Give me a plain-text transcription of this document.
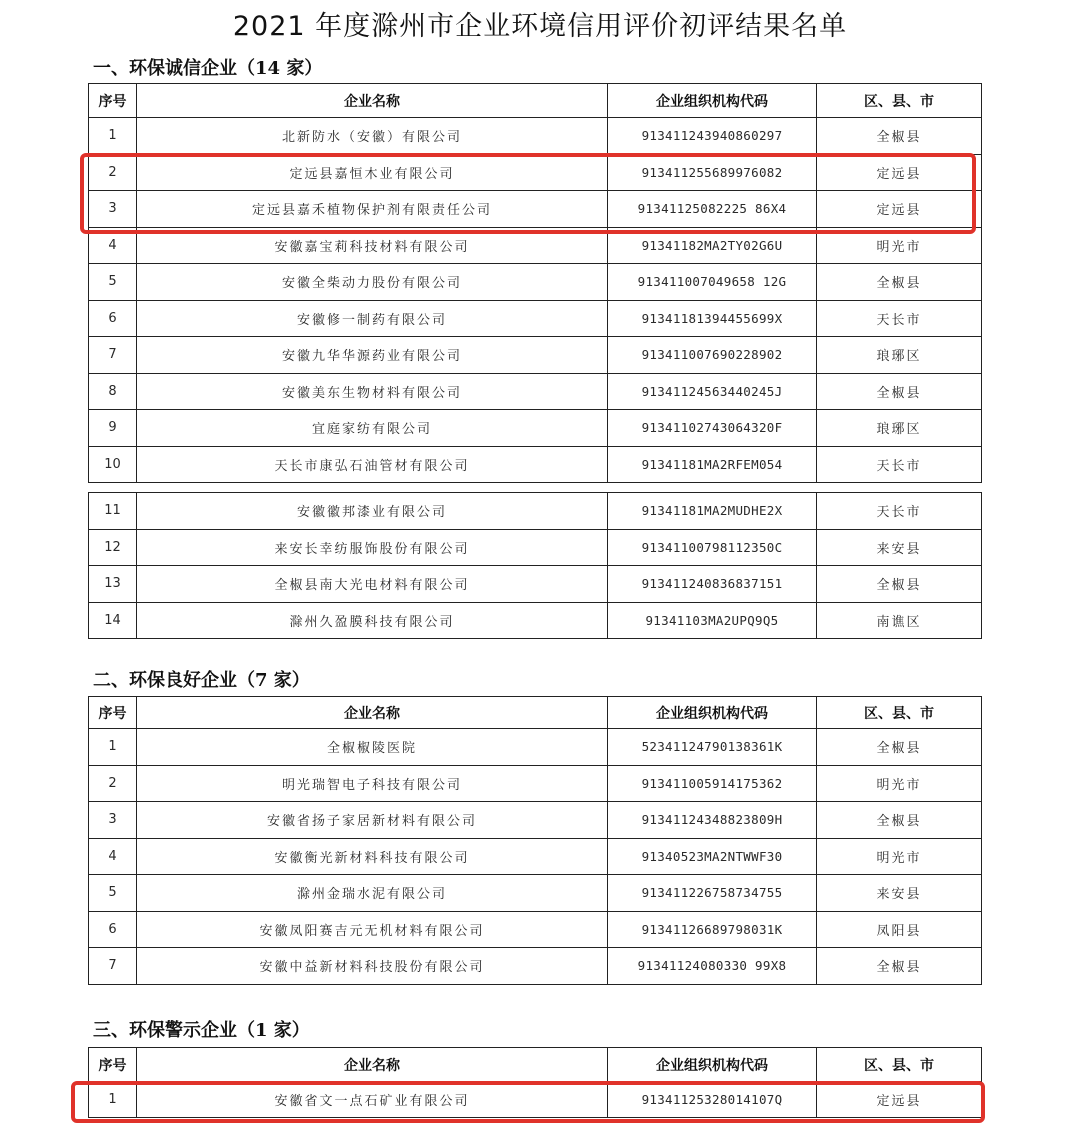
2021 年度滁州市企业环境信用评价初评结果名单
一、环保诚信企业（14 家）
序号	企业名称	企业组织机构代码	区、县、市
1	北新防水（安徽）有限公司	913411243940860297	全椒县
2	定远县嘉恒木业有限公司	913411255689976082	定远县
3	定远县嘉禾植物保护剂有限责任公司	91341125082225 86X4	定远县
4	安徽嘉宝莉科技材料有限公司	91341182MA2TY02G6U	明光市
5	安徽全柴动力股份有限公司	913411007049658 12G	全椒县
6	安徽修一制药有限公司	91341181394455699X	天长市
7	安徽九华华源药业有限公司	913411007690228902	琅琊区
8	安徽美东生物材料有限公司	91341124563440245J	全椒县
9	宜庭家纺有限公司	91341102743064320F	琅琊区
10	天长市康弘石油管材有限公司	91341181MA2RFEM054	天长市

11	安徽徽邦漆业有限公司	91341181MA2MUDHE2X	天长市
12	来安长幸纺服饰股份有限公司	91341100798112350C	来安县
13	全椒县南大光电材料有限公司	913411240836837151	全椒县
14	滁州久盈膜科技有限公司	91341103MA2UPQ9Q5	南谯区
二、环保良好企业（7 家）
序号	企业名称	企业组织机构代码	区、县、市
1	全椒椒陵医院	52341124790138361K	全椒县
2	明光瑞智电子科技有限公司	913411005914175362	明光市
3	安徽省扬子家居新材料有限公司	91341124348823809H	全椒县
4	安徽衡光新材料科技有限公司	91340523MA2NTWWF30	明光市
5	滁州金瑞水泥有限公司	913411226758734755	来安县
6	安徽凤阳赛吉元无机材料有限公司	91341126689798031K	凤阳县
7	安徽中益新材料科技股份有限公司	91341124080330 99X8	全椒县
三、环保警示企业（1 家）
序号	企业名称	企业组织机构代码	区、县、市
1	安徽省文一点石矿业有限公司	91341125328014107Q	定远县
